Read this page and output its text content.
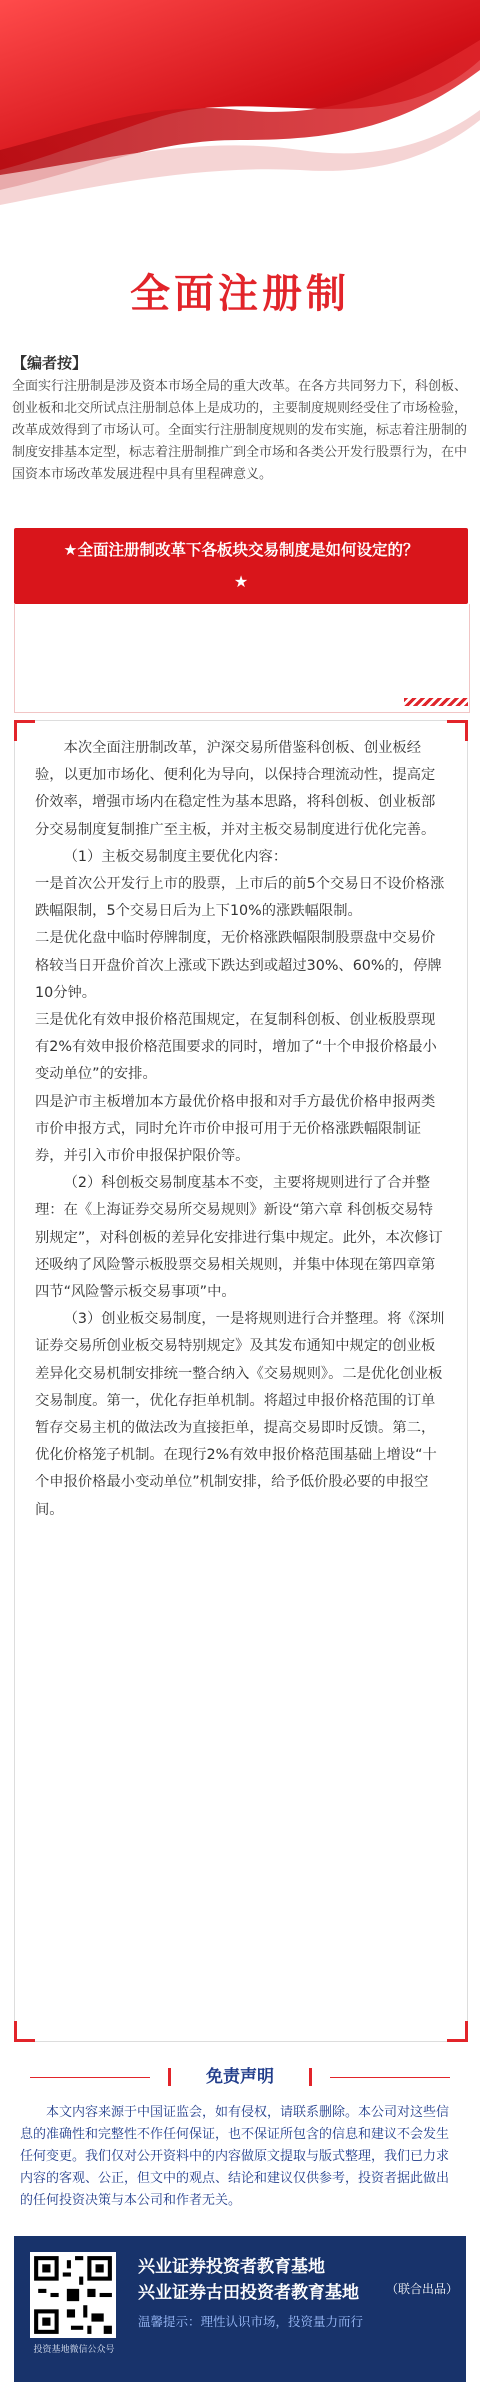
全面注册制
【编者按】

全面实行注册制是涉及资本市场全局的重大改革。在各方共同努力下，科创板、创业板和北交所试点注册制总体上是成功的，主要制度规则经受住了市场检验，改革成效得到了市场认可。全面实行注册制度规则的发布实施，标志着注册制的制度安排基本定型，标志着注册制推广到全市场和各类公开发行股票行为，在中国资本市场改革发展进程中具有里程碑意义。

★全面注册制改革下各板块交易制度是如何设定的？
★

本次全面注册制改革，沪深交易所借鉴科创板、创业板经验，以更加市场化、便利化为导向，以保持合理流动性，提高定价效率，增强市场内在稳定性为基本思路，将科创板、创业板部分交易制度复制推广至主板，并对主板交易制度进行优化完善。

（1）主板交易制度主要优化内容：

一是首次公开发行上市的股票，上市后的前5个交易日不设价格涨跌幅限制，5个交易日后为上下10%的涨跌幅限制。

二是优化盘中临时停牌制度，无价格涨跌幅限制股票盘中交易价格较当日开盘价首次上涨或下跌达到或超过30%、60%的，停牌10分钟。

三是优化有效申报价格范围规定，在复制科创板、创业板股票现有2%有效申报价格范围要求的同时，增加了“十个申报价格最小变动单位”的安排。

四是沪市主板增加本方最优价格申报和对手方最优价格申报两类市价申报方式，同时允许市价申报可用于无价格涨跌幅限制证券，并引入市价申报保护限价等。

（2）科创板交易制度基本不变，主要将规则进行了合并整理：在《上海证券交易所交易规则》新设“第六章 科创板交易特别规定”，对科创板的差异化安排进行集中规定。此外，本次修订还吸纳了风险警示板股票交易相关规则，并集中体现在第四章第四节“风险警示板交易事项”中。

（3）创业板交易制度，一是将规则进行合并整理。将《深圳证券交易所创业板交易特别规定》及其发布通知中规定的创业板差异化交易机制安排统一整合纳入《交易规则》。二是优化创业板交易制度。第一，优化存拒单机制。将超过申报价格范围的订单暂存交易主机的做法改为直接拒单，提高交易即时反馈。第二，优化价格笼子机制。在现行2%有效申报价格范围基础上增设“十个申报价格最小变动单位”机制安排，给予低价股必要的申报空间。

免责声明
本文内容来源于中国证监会，如有侵权，请联系删除。本公司对这些信息的准确性和完整性不作任何保证，也不保证所包含的信息和建议不会发生任何变更。我们仅对公开资料中的内容做原文提取与版式整理，我们已力求内容的客观、公正，但文中的观点、结论和建议仅供参考，投资者据此做出的任何投资决策与本公司和作者无关。
投资基地微信公众号
兴业证券投资者教育基地
兴业证券古田投资者教育基地 （联合出品）
温馨提示：理性认识市场，投资量力而行
